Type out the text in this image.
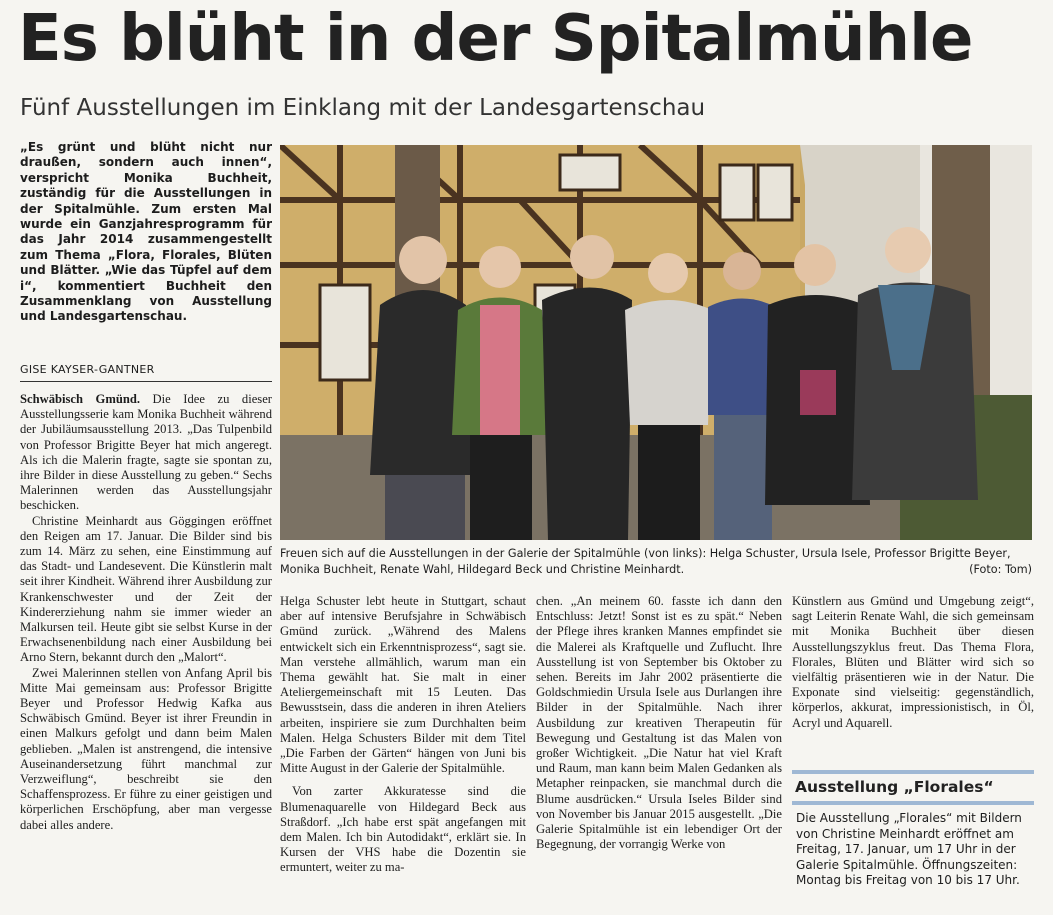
Es blüht in der Spitalmühle
Fünf Ausstellungen im Einklang mit der Landesgartenschau

„Es grünt und blüht nicht nur draußen, sondern auch innen“, verspricht Monika Buchheit, zuständig für die Ausstellungen in der Spitalmühle. Zum ersten Mal wurde ein Ganzjahresprogramm für das Jahr 2014 zusammengestellt zum Thema „Flora, Florales, Blüten und Blätter. „Wie das Tüpfel auf dem i“, kommentiert Buchheit den Zusammenklang von Ausstellung und Landesgartenschau.

GISE KAYSER-GANTNER

Schwäbisch Gmünd. Die Idee zu dieser Ausstellungsserie kam Monika Buchheit während der Jubiläumsausstellung 2013. „Das Tulpenbild von Professor Brigitte Beyer hat mich angeregt. Als ich die Malerin fragte, sagte sie spontan zu, ihre Bilder in diese Ausstellung zu geben.“ Sechs Malerinnen werden das Ausstellungsjahr beschicken.

Christine Meinhardt aus Göggingen eröffnet den Reigen am 17. Januar. Die Bilder sind bis zum 14. März zu sehen, eine Einstimmung auf das Stadt- und Landesevent. Die Künstlerin malt seit ihrer Kindheit. Während ihrer Ausbildung zur Krankenschwester und der Zeit der Kindererziehung nahm sie immer wieder an Malkursen teil. Heute gibt sie selbst Kurse in der Erwachsenenbildung nach einer Ausbildung bei Arno Stern, bekannt durch den „Malort“.

Zwei Malerinnen stellen von Anfang April bis Mitte Mai gemeinsam aus: Professor Brigitte Beyer und Professor Hedwig Kafka aus Schwäbisch Gmünd. Beyer ist ihrer Freundin in einen Malkurs gefolgt und dann beim Malen geblieben. „Malen ist anstrengend, die intensive Auseinandersetzung führt manchmal zur Verzweiflung“, beschreibt sie den Schaffensprozess. Er führe zu einer geistigen und körperlichen Erschöpfung, aber man vergesse dabei alles andere.

Freuen sich auf die Ausstellungen in der Galerie der Spitalmühle (von links): Helga Schuster, Ursula Isele, Professor Brigitte Beyer, Monika Buchheit, Renate Wahl, Hildegard Beck und Christine Meinhardt.	(Foto: Tom)

Helga Schuster lebt heute in Stuttgart, schaut aber auf intensive Berufsjahre in Schwäbisch Gmünd zurück. „Während des Malens entwickelt sich ein Erkenntnisprozess“, sagt sie. Man verstehe allmählich, warum man ein Thema gewählt hat. Sie malt in einer Ateliergemeinschaft mit 15 Leuten. Das Bewusstsein, dass die anderen in ihren Ateliers arbeiten, inspiriere sie zum Durchhalten beim Malen. Helga Schusters Bilder mit dem Titel „Die Farben der Gärten“ hängen von Juni bis Mitte August in der Galerie der Spitalmühle.

Von zarter Akkuratesse sind die Blumenaquarelle von Hildegard Beck aus Straßdorf. „Ich habe erst spät angefangen mit dem Malen. Ich bin Autodidakt“, erklärt sie. In Kursen der VHS habe die Dozentin sie ermuntert, weiter zu ma-

chen. „An meinem 60. fasste ich dann den Entschluss: Jetzt! Sonst ist es zu spät.“ Neben der Pflege ihres kranken Mannes empfindet sie die Malerei als Kraftquelle und Zuflucht. Ihre Ausstellung ist von September bis Oktober zu sehen. Bereits im Jahr 2002 präsentierte die Goldschmiedin Ursula Isele aus Durlangen ihre Bilder in der Spitalmühle. Nach ihrer Ausbildung zur kreativen Therapeutin für Bewegung und Gestaltung ist das Malen von großer Wichtigkeit. „Die Natur hat viel Kraft und Raum, man kann beim Malen Gedanken als Metapher reinpacken, sie manchmal durch die Blume ausdrücken.“ Ursula Iseles Bilder sind von November bis Januar 2015 ausgestellt. „Die Galerie Spitalmühle ist ein lebendiger Ort der Begegnung, der vorrangig Werke von

Künstlern aus Gmünd und Umgebung zeigt“, sagt Leiterin Renate Wahl, die sich gemeinsam mit Monika Buchheit über diesen Ausstellungszyklus freut. Das Thema Flora, Florales, Blüten und Blätter wird sich so vielfältig präsentieren wie in der Natur. Die Exponate sind vielseitig: gegenständlich, körperlos, akkurat, impressionistisch, in Öl, Acryl und Aquarell.

Ausstellung „Florales“

Die Ausstellung „Florales“ mit Bildern von Christine Meinhardt eröffnet am Freitag, 17. Januar, um 17 Uhr in der Galerie Spitalmühle. Öffnungszeiten: Montag bis Freitag von 10 bis 17 Uhr.
